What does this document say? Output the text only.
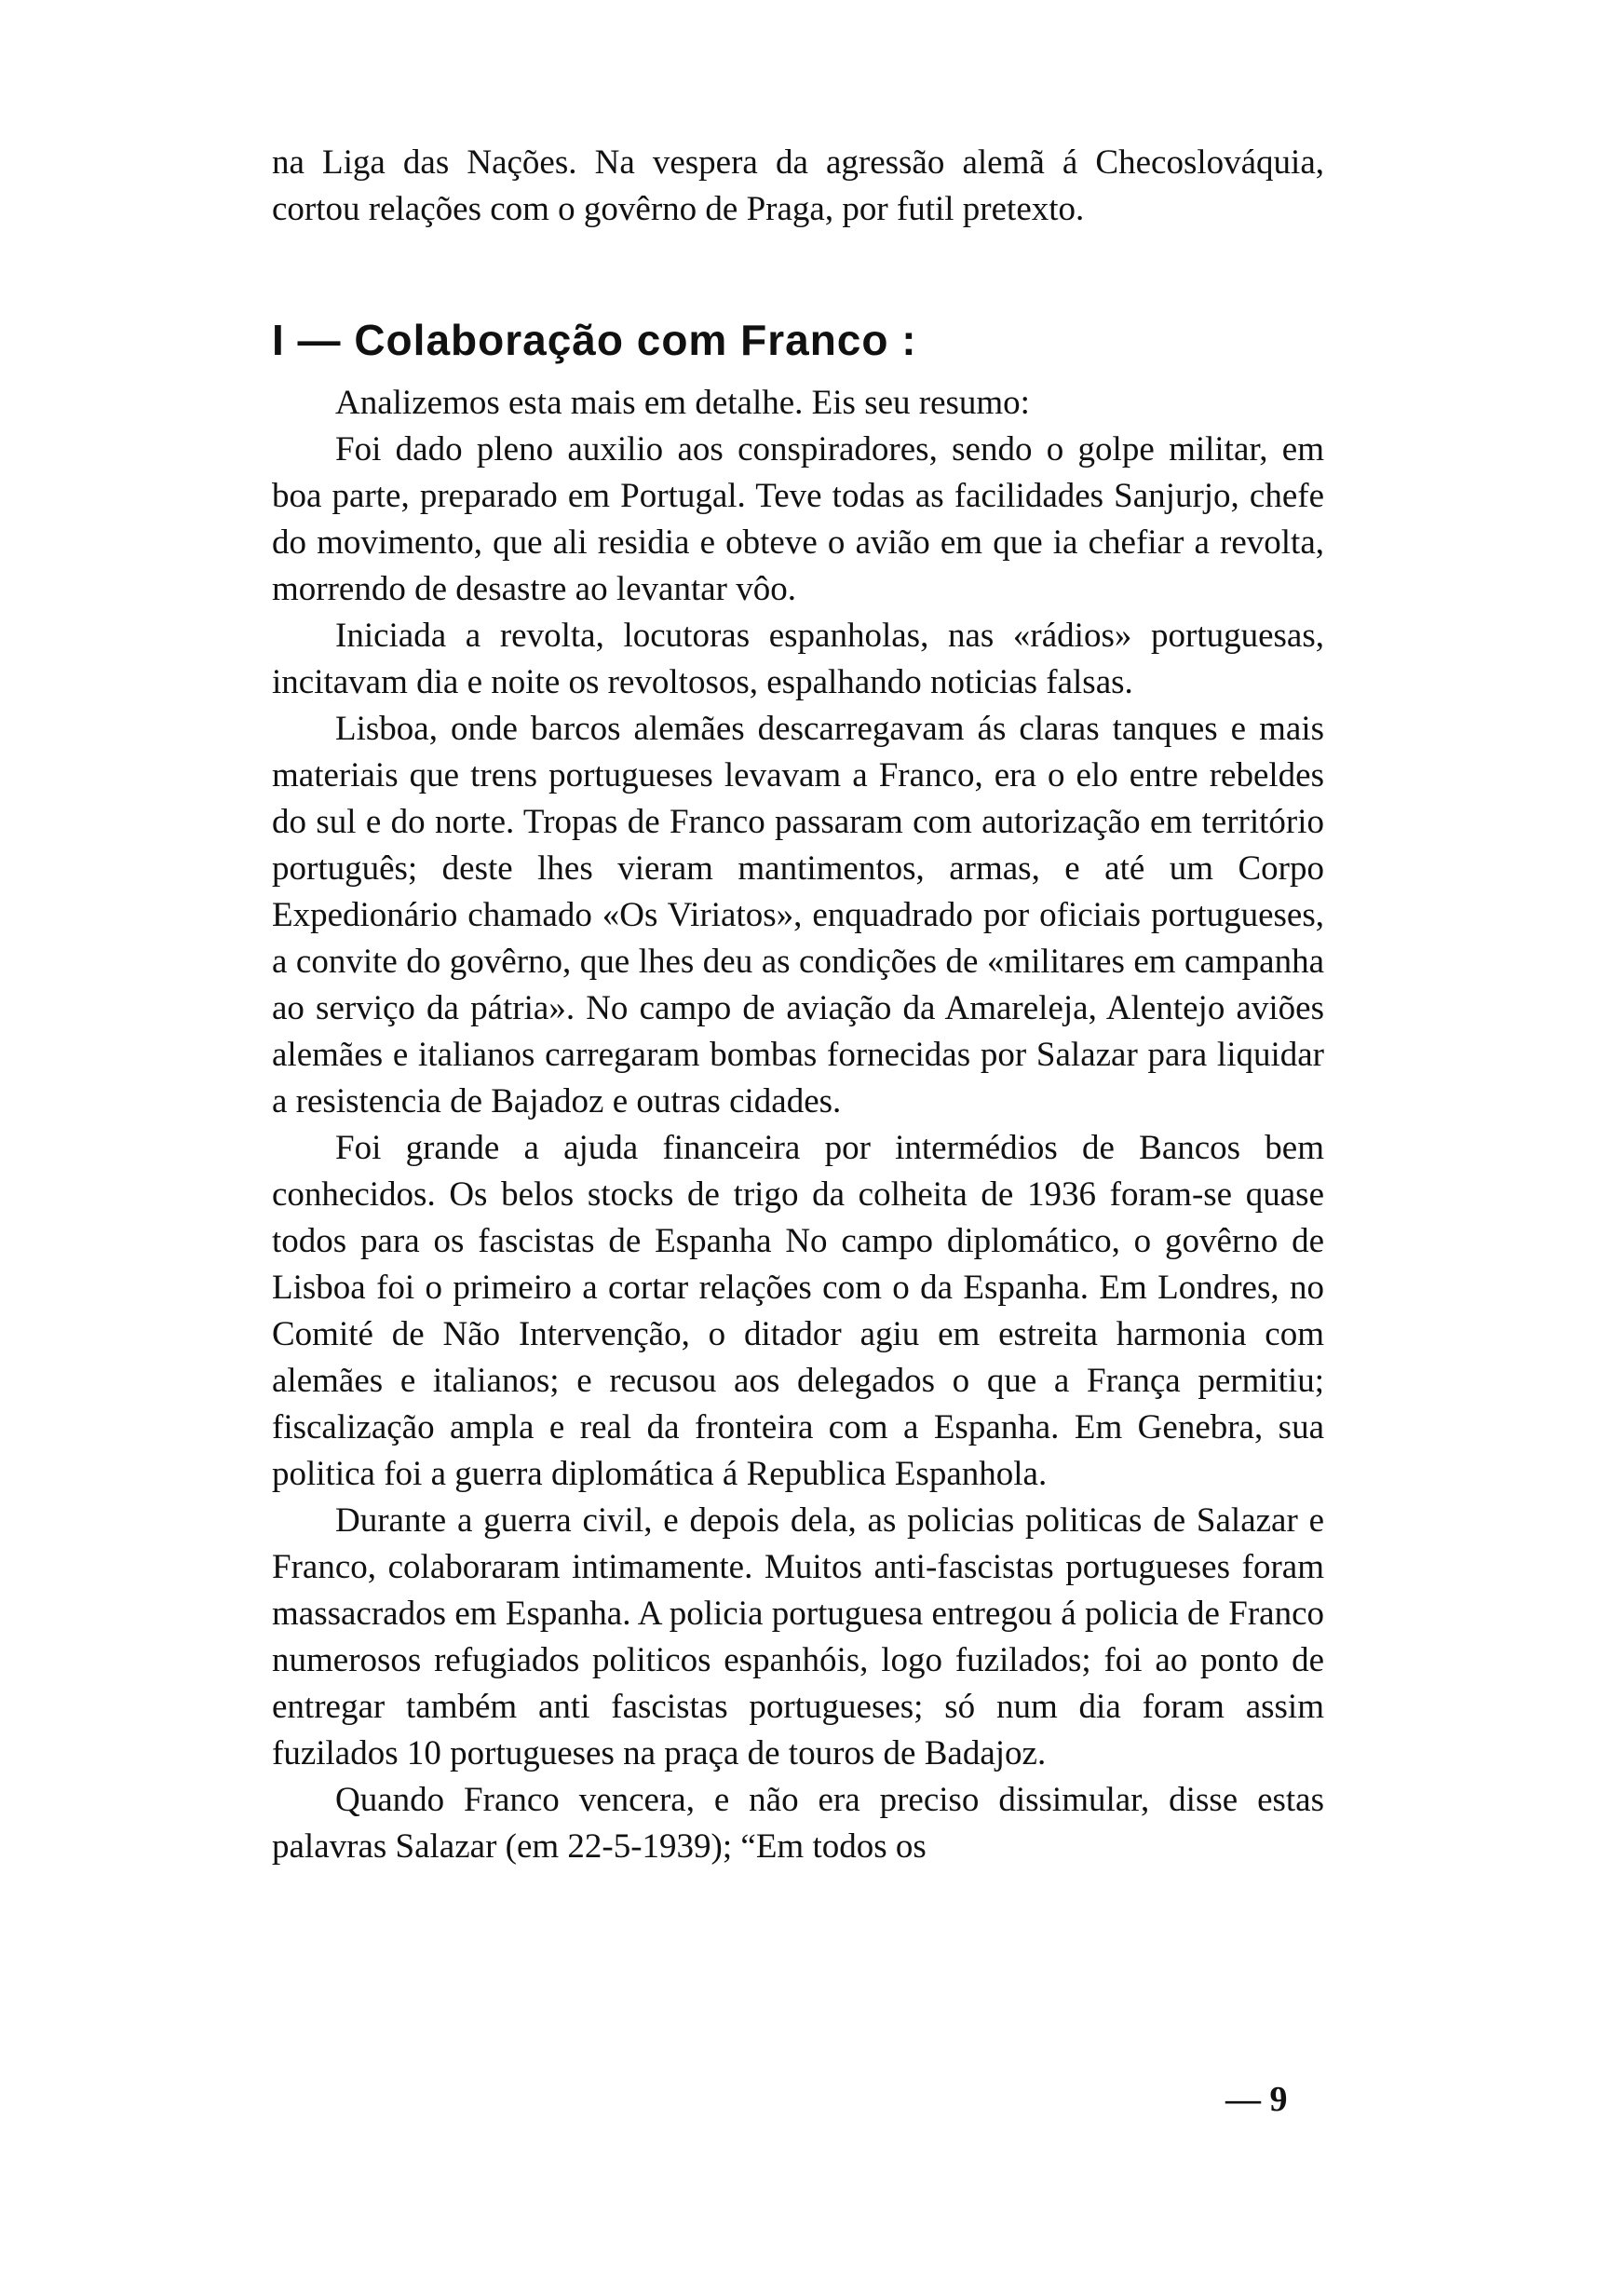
na Liga das Nações. Na vespera da agressão alemã á Checoslováquia, cortou relações com o govêrno de Praga, por futil pretexto.

I — Colaboração com Franco :

Analizemos esta mais em detalhe. Eis seu resumo:

Foi dado pleno auxilio aos conspiradores, sendo o golpe militar, em boa parte, preparado em Portugal. Teve todas as facilidades Sanjurjo, chefe do movimento, que ali residia e obteve o avião em que ia chefiar a revolta, morrendo de desastre ao levantar vôo.

Iniciada a revolta, locutoras espanholas, nas «rádios» portuguesas, incitavam dia e noite os revoltosos, espalhando noticias falsas.

Lisboa, onde barcos alemães descarregavam ás claras tanques e mais materiais que trens portugueses levavam a Franco, era o elo entre rebeldes do sul e do norte. Tropas de Franco passaram com autorização em território português; deste lhes vieram mantimentos, armas, e até um Corpo Expedionário chamado «Os Viriatos», enquadrado por oficiais portugueses, a convite do govêrno, que lhes deu as condições de «militares em campanha ao serviço da pátria». No campo de aviação da Amareleja, Alentejo aviões alemães e italianos carregaram bombas fornecidas por Salazar para liquidar a resistencia de Bajadoz e outras cidades.

Foi grande a ajuda financeira por intermédios de Bancos bem conhecidos. Os belos stocks de trigo da colheita de 1936 foram-se quase todos para os fascistas de Espanha No campo diplomático, o govêrno de Lisboa foi o primeiro a cortar relações com o da Espanha. Em Londres, no Comité de Não Intervenção, o ditador agiu em estreita harmonia com alemães e italianos; e recusou aos delegados o que a França permitiu; fiscalização ampla e real da fronteira com a Espanha. Em Genebra, sua politica foi a guerra diplomática á Republica Espanhola.

Durante a guerra civil, e depois dela, as policias politicas de Salazar e Franco, colaboraram intimamente. Muitos anti-fascistas portugueses foram massacrados em Espanha. A policia portuguesa entregou á policia de Franco numerosos refugiados politicos espanhóis, logo fuzilados; foi ao ponto de entregar também anti fascistas portugueses; só num dia foram assim fuzilados 10 portugueses na praça de touros de Badajoz.

Quando Franco vencera, e não era preciso dissimular, disse estas palavras Salazar (em 22-5-1939); “Em todos os

— 9
